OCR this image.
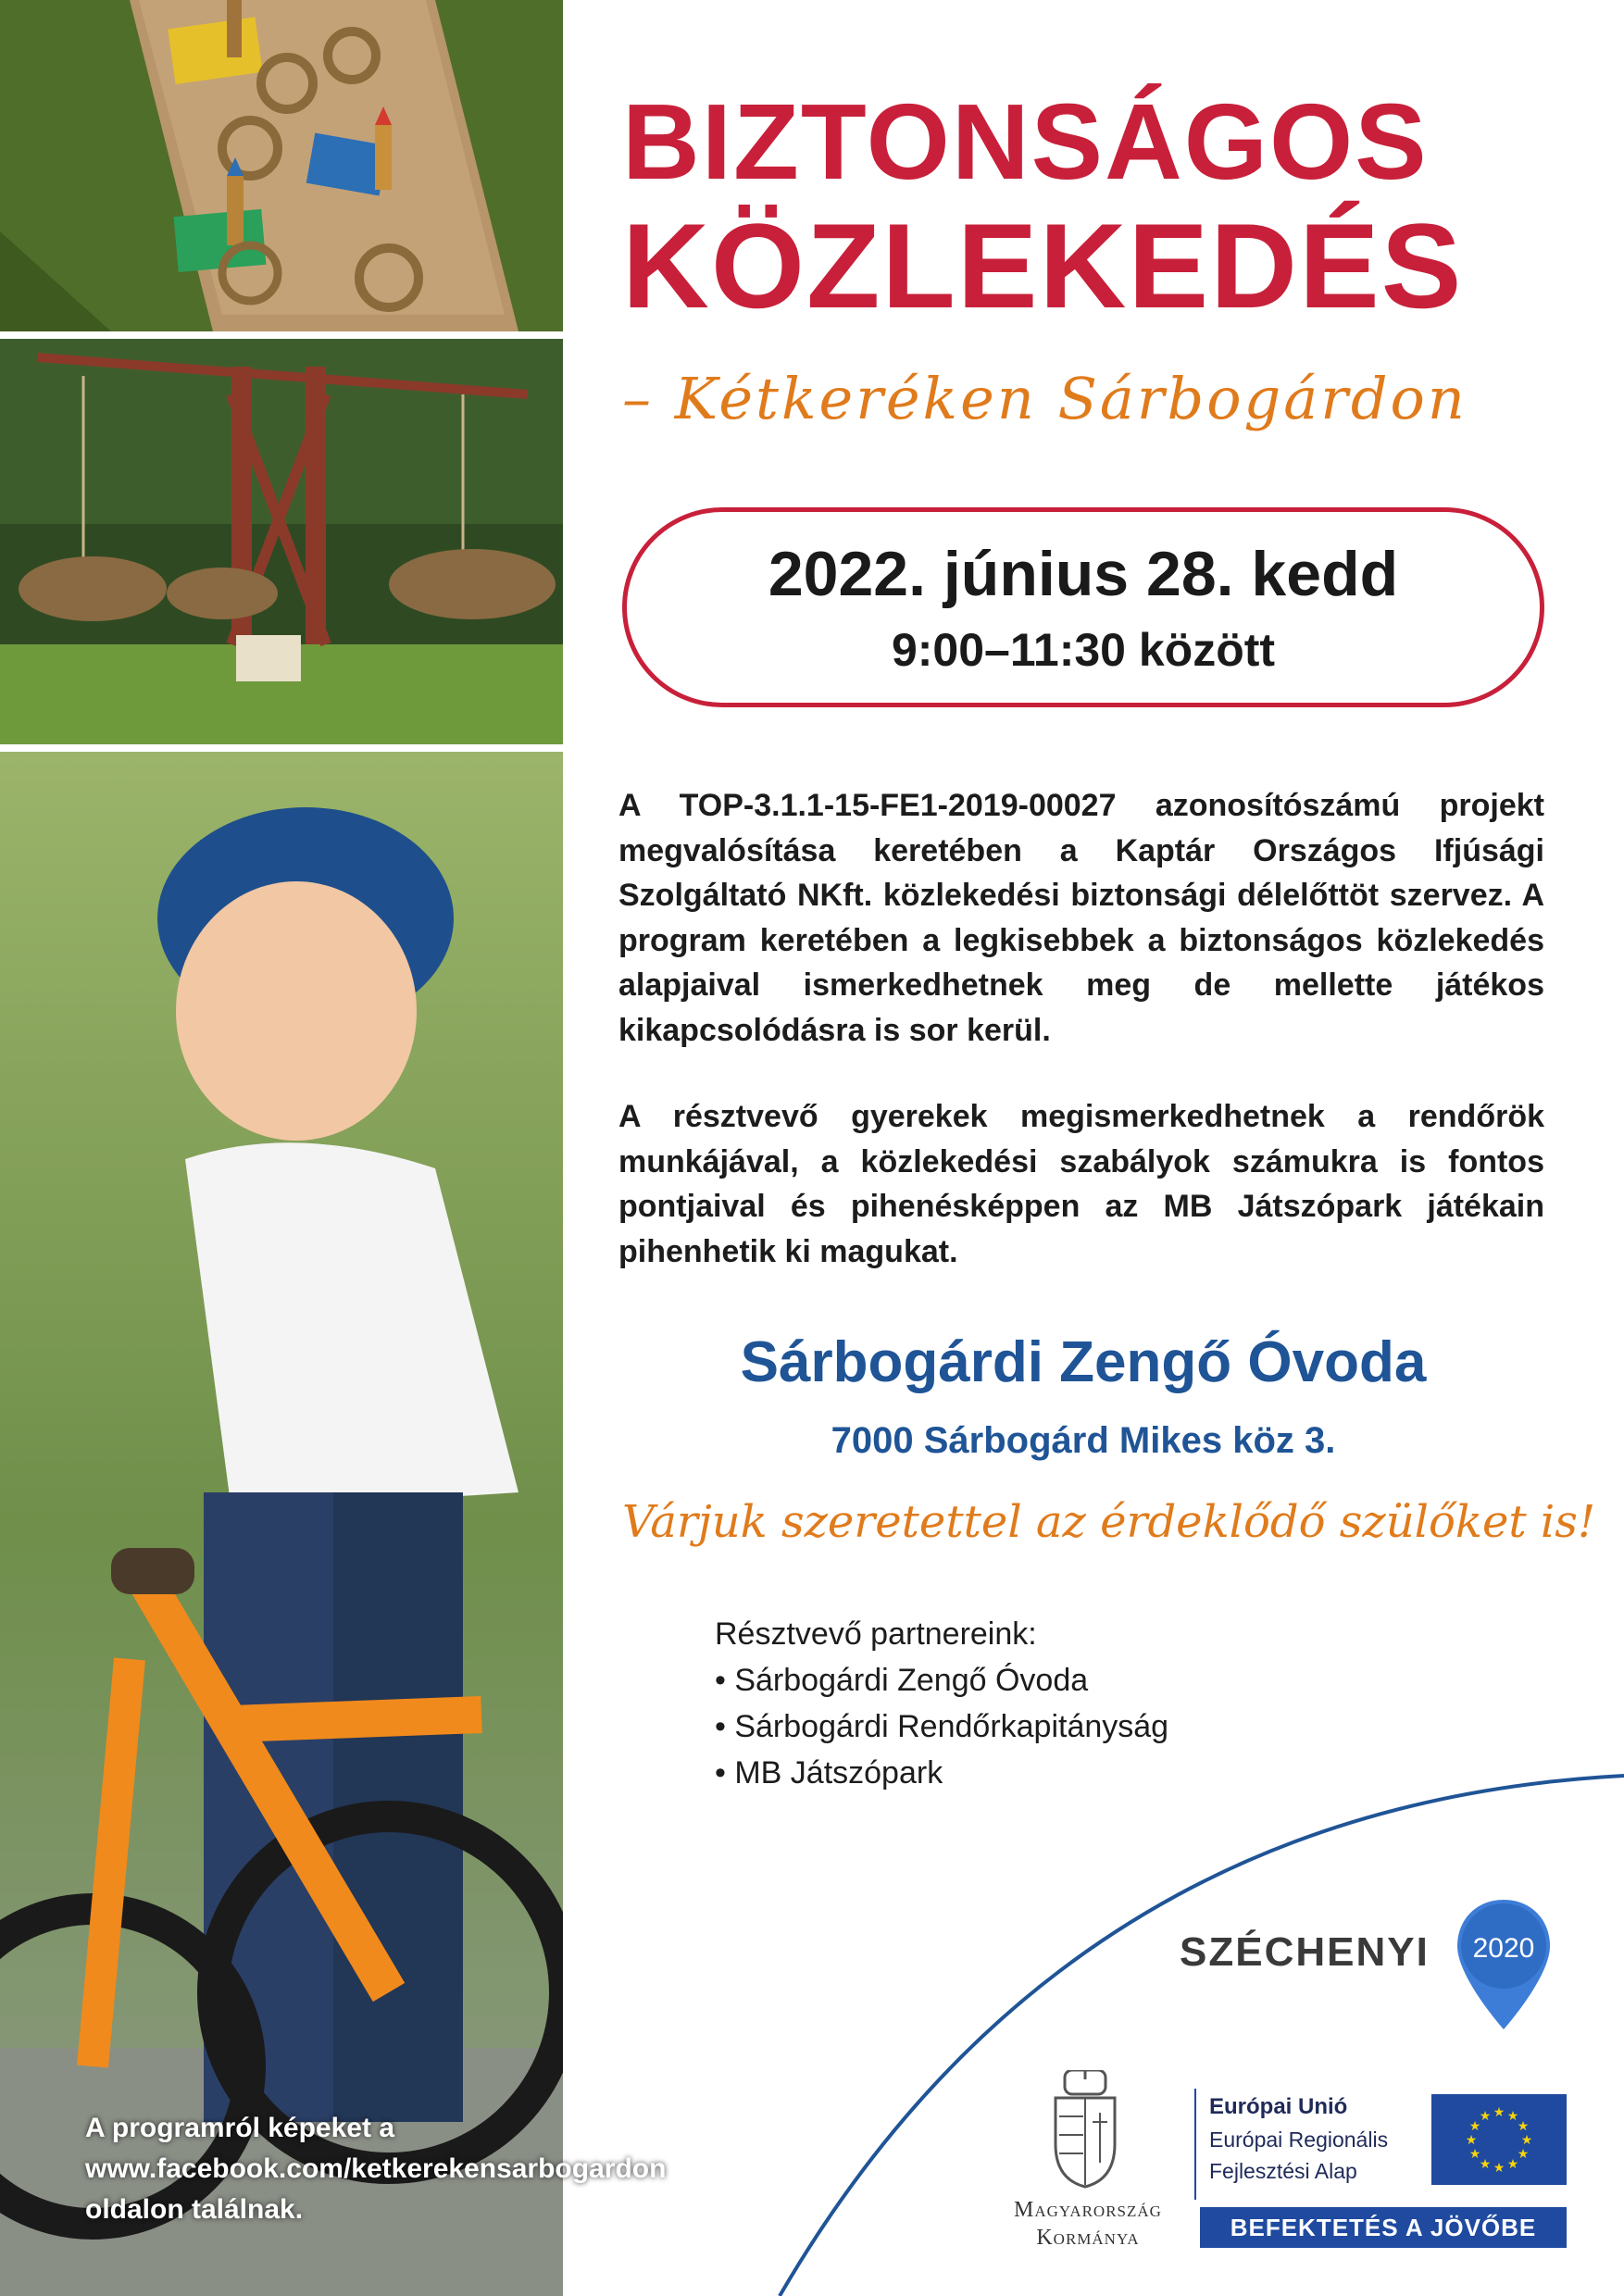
A programról képeket a
www.facebook.com/ketkerekensarbogardon
oldalon találnak.
BIZTONSÁGOS
KÖZLEKEDÉS
– Kétkeréken Sárbogárdon
2022. június 28. kedd
9:00–11:30 között
A TOP-3.1.1-15-FE1-2019-00027 azonosítószámú projekt megvalósítása keretében a Kaptár Országos Ifjúsági Szolgáltató NKft. közlekedési biztonsági délelőttöt szervez. A program keretében a legkisebbek a biztonságos közlekedés alapjaival ismerkedhetnek meg de mellette játékos kikapcsolódásra is sor kerül.
A résztvevő gyerekek megismerkedhetnek a rendőrök munkájával, a közlekedési szabályok számukra is fontos pontjaival és pihenésképpen az MB Játszópark játékain pihenhetik ki magukat.
Sárbogárdi Zengő Óvoda
7000 Sárbogárd Mikes köz 3.
Várjuk szeretettel az érdeklődő szülőket is!
Résztvevő partnereink:
• Sárbogárdi Zengő Óvoda
• Sárbogárdi Rendőrkapitányság
• MB Játszópark
SZÉCHENYI 2020
Magyarország
Kormánya
Európai Unió
Európai Regionális
Fejlesztési Alap
★
★
★
★
★
★
★
★
★ ★ ★
★
BEFEKTETÉS A JÖVŐBE
